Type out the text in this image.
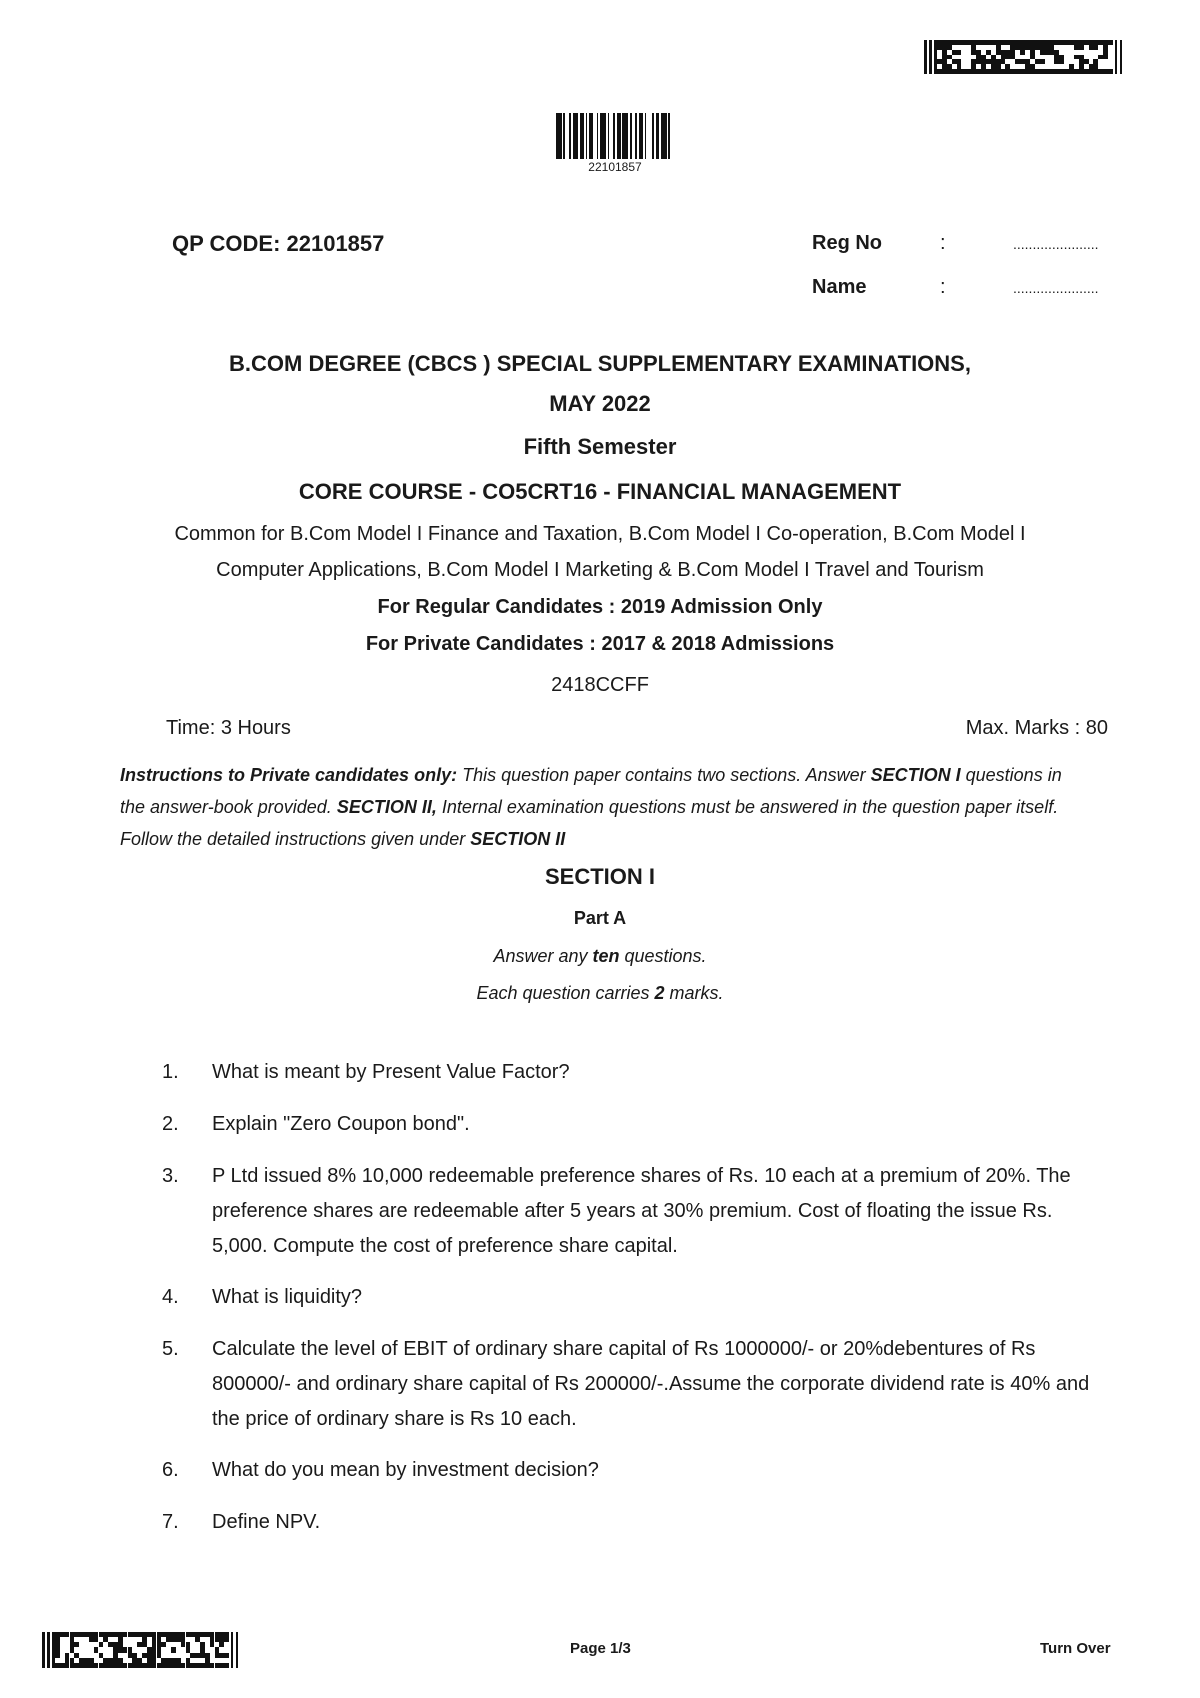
22101857
QP CODE: 22101857	Reg No	:	......................
Name	:	......................
B.COM DEGREE (CBCS ) SPECIAL SUPPLEMENTARY EXAMINATIONS,
MAY 2022
Fifth Semester
CORE COURSE - CO5CRT16 - FINANCIAL MANAGEMENT
Common for B.Com Model I Finance and Taxation, B.Com Model I Co-operation, B.Com Model I
Computer Applications, B.Com Model I Marketing & B.Com Model I Travel and Tourism
For Regular Candidates : 2019 Admission Only
For Private Candidates : 2017 & 2018 Admissions
2418CCFF
Time: 3 Hours	Max. Marks : 80
Instructions to Private candidates only: This question paper contains two sections. Answer SECTION I questions in the answer-book provided. SECTION II, Internal examination questions must be answered in the question paper itself. Follow the detailed instructions given under SECTION II
SECTION I
Part A
Answer any ten questions.
Each question carries 2 marks.
1.	What is meant by Present Value Factor?
2.	Explain "Zero Coupon bond".
3.	P Ltd issued 8% 10,000 redeemable preference shares of Rs. 10 each at a premium of 20%. The preference shares are redeemable after 5 years at 30% premium. Cost of floating the issue Rs. 5,000. Compute the cost of preference share capital.
4.	What is liquidity?
5.	Calculate the level of EBIT of ordinary share capital of Rs 1000000/- or 20%debentures of Rs 800000/- and ordinary share capital of Rs 200000/-.Assume the corporate dividend rate is 40% and the price of ordinary share is Rs 10 each.
6.	What do you mean by investment decision?
7.	Define NPV.
Page 1/3	Turn Over
